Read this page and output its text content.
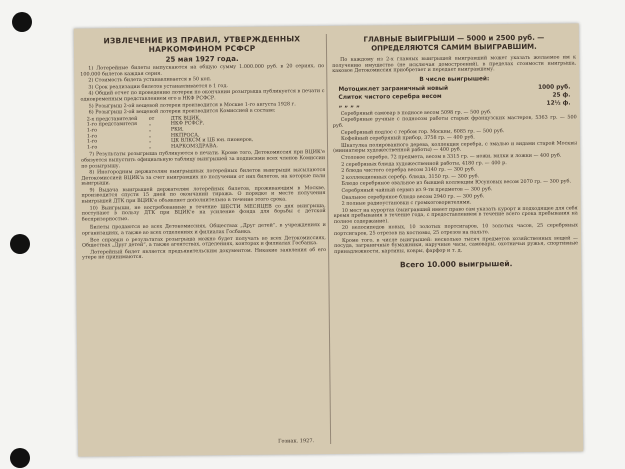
ИЗВЛЕЧЕНИЕ ИЗ ПРАВИЛ, УТВЕРЖДЕННЫХ
НАРКОМФИНОМ РСФСР
25 мая 1927 года.

1) Лотерейные билеты выпускаются на общую сумму 1.000.000 руб. в 20 сериях, по 100.000 билетов каждая серия.

2) Стоимость билета устанавливается в 50 коп.

3) Срок реализации билетов устанавливается в 1 год.

4) Общий отчет по проведению лотереи по окончании розыгрыша публикуется в печати с одновременным представлением его в НКФ РСФСР.

5) Розыгрыш 2-ой вещевой лотереи производится в Москве 1-го августа 1928 г.

6) Розыгрыш 2-ой вещевой лотереи производится Комиссией в составе:

2-х представителей от	ДТК ВЦИК,
1-го представителя „	НКФ РСФСР,
1-го	„	РКИ,
1-го	„	НКПРОСА,
1-го	„	ЦК ВЛКСМ и ЦБ юн. пионеров,
1-го	„	НАРКОМЗДРАВА.

7) Результаты розыгрыша публикуются в печати. Кроме того, Детокомиссия при ВЦИК'е обязуется выпустить официальную таблицу выигрышей за подписями всех членов Комиссии по розыгрышу.

8) Иногородним держателям выигрышных лотерейных билетов выигрыши высылаются Детокомиссией ВЦИК'а за счет выигравших по получении от них билетов, на которые пали выигрыши.

9) Выдача выигрышей держателям лотерейных билетов, проживающим в Москве, производится спустя 15 дней по окончании тиража. О порядке и месте получения выигрышей ДТК при ВЦИК'е объявляет дополнительно в течение этого срока.

10) Выигрыши, не востребованные в течение ШЕСТИ МЕСЯЦЕВ со дня выигрыша, поступают в пользу ДТК при ВЦИК'е на усиление фонда для борьбы с детской беспризорностью.

Билеты продаются во всех Детокомиссиях, Обществах „Друг детей“, в учреждениях и организациях, а также во всех отделениях и филиалах Госбанка.

Все справки о результатах розыгрыша можно будет получать во всех Детокомиссиях, Обществах „Друг детей“, а также агентствах, отделениях, конторах и филиалах Госбанка.

Лотерейный билет является предъявительским документом. Никакие заявления об его утере не принимаются.

Гознак. 1927.
ГЛАВНЫЕ ВЫИГРЫШИ — 5000 и 2500 руб. —
ОПРЕДЕЛЯЮТСЯ САМИМ ВЫИГРАВШИМ.

По каждому из 2-х главных выигрышей выигравший может указать желаемое им к получению имущество (не исключая домостроений), в пределах стоимости выигрыша, каковое Детокомиссия приобретает и передает выигравшему.

В числе выигрышей:
Мотоциклет заграничный новый	1000 руб.
Слиток чистого серебра весом	25 ф.
„ „ „ „	12½ ф.

Серебряный самовар в подносе весом 5098 гр. — 500 руб.

Серебряные ручные с подносом работы старых французских мастеров, 5363 гр. — 500 руб.

Серебряный подлос с гербом гор. Москвы, 6085 гр. — 500 руб.

Кофейный серебряный прибор, 3758 гр. — 400 руб.

Шкатулка полированного дерева, коллекция серебра, с эмалью и видами старой Москвы (миниатюры художественной работы) — 400 руб.

Столовое серебро, 72 предмета, весом в 3315 гр. — ножи, вилки и ложки — 400 руб.

2 серебряных блюда художественной работы, 4180 гр. — 400 р.

2 блюда чистого серебра весом 3140 гр. — 300 руб.

2 коллекционных серебр. блюда, 3150 гр. — 300 руб.

Блюдо серебряное овальное из бывшей коллекции Юсуповых весом 2070 гр. — 300 руб.

Серебряный чайный сервиз из 9-ти предметов — 300 руб.

Овальное серебряное блюдо весом 2940 гр. — 300 руб.

2 полные радиоустановки с громкоговорителями.

10 мест на курортах (выигравший имеет право сам указать курорт и подходящее для себя время пребывания в течение года, с предоставлением в течение всего срока пребывания на полное содержание).

20 велосипедов новых, 10 золотых портсигаров, 10 золотых часов, 25 серебряных портсигаров, 25 отрезов на костюмы, 25 отрезов на пальто.

Кроме того, в числе выигрышей: несколько тысяч предметов хозяйственных вещей — посуда, заграничные бумажники, наручные часы, самовары, охотничьи ружья, спортивные принадлежности, картины, ковры, фарфор и т. д.

Всего 10.000 выигрышей.
